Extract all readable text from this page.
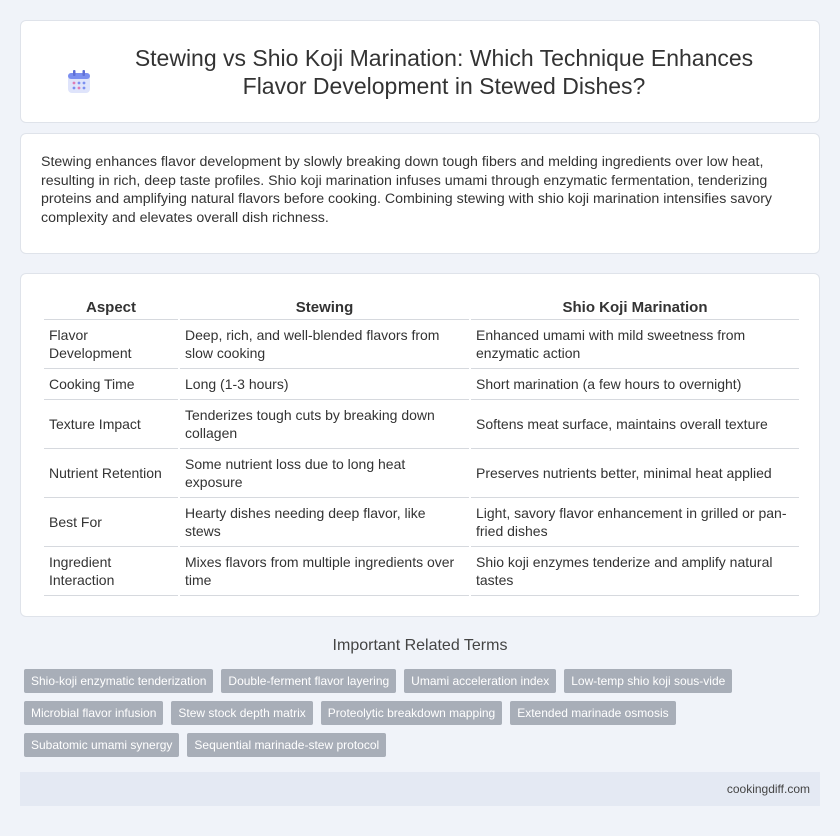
Stewing vs Shio Koji Marination: Which Technique Enhances Flavor Development in Stewed Dishes?

Stewing enhances flavor development by slowly breaking down tough fibers and melding ingredients over low heat, resulting in rich, deep taste profiles. Shio koji marination infuses umami through enzymatic fermentation, tenderizing proteins and amplifying natural flavors before cooking. Combining stewing with shio koji marination intensifies savory complexity and elevates overall dish richness.

Aspect	Stewing	Shio Koji Marination
Flavor Development	Deep, rich, and well-blended flavors from slow cooking	Enhanced umami with mild sweetness from enzymatic action
Cooking Time	Long (1-3 hours)	Short marination (a few hours to overnight)
Texture Impact	Tenderizes tough cuts by breaking down collagen	Softens meat surface, maintains overall texture
Nutrient Retention	Some nutrient loss due to long heat exposure	Preserves nutrients better, minimal heat applied
Best For	Hearty dishes needing deep flavor, like stews	Light, savory flavor enhancement in grilled or pan-fried dishes
Ingredient Interaction	Mixes flavors from multiple ingredients over time	Shio koji enzymes tenderize and amplify natural tastes
Important Related Terms
Shio-koji enzymatic tenderization	Double-ferment flavor layering	Umami acceleration index	Low-temp shio koji sous-vide
Microbial flavor infusion	Stew stock depth matrix	Proteolytic breakdown mapping	Extended marinade osmosis
Subatomic umami synergy	Sequential marinade-stew protocol
cookingdiff.com
